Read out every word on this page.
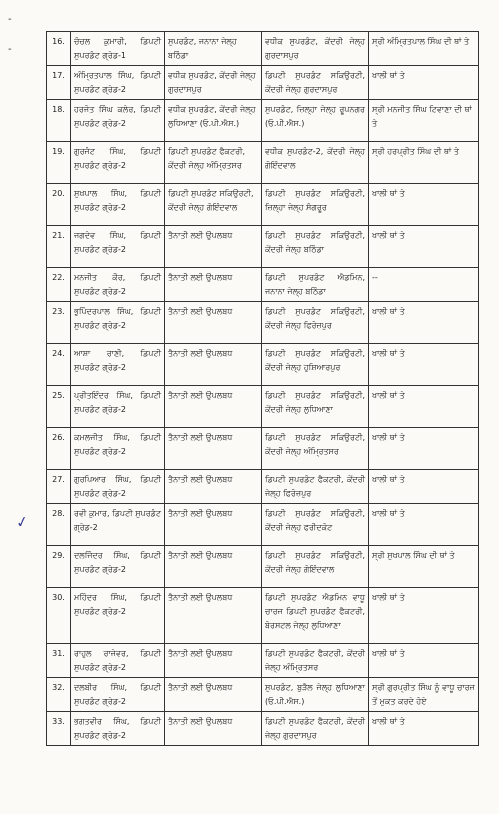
-
-
✓
16.	ਚੰਚਲ ਕੁਮਾਰੀ, ਡਿਪਟੀ ਸੁਪਰਡੰਟ ਗ੍ਰੇਡ-1	ਸੁਪਰਡੰਟ, ਜਨਾਨਾ ਜੇਲ੍ਹ ਬਠਿੰਡਾ	ਵਧੀਕ ਸੁਪਰਡੰਟ, ਕੇਂਦਰੀ ਜੇਲ੍ਹ ਗੁਰਦਾਸਪੁਰ	ਸ੍ਰੀ ਅੰਮ੍ਰਿਤਪਾਲ ਸਿੰਘ ਦੀ ਥਾਂ ਤੇ
17.	ਅੰਮ੍ਰਿਤਪਾਲ ਸਿੰਘ, ਡਿਪਟੀ ਸੁਪਰਡੰਟ ਗ੍ਰੇਡ-2	ਵਧੀਕ ਸੁਪਰਡੰਟ, ਕੇਂਦਰੀ ਜੇਲ੍ਹ ਗੁਰਦਾਸਪੁਰ	ਡਿਪਟੀ ਸੁਪਰਡੰਟ ਸਕਿਉਰਟੀ, ਕੇਂਦਰੀ ਜੇਲ੍ਹ ਗੁਰਦਾਸਪੁਰ	ਖਾਲੀ ਥਾਂ ਤੇ
18.	ਹਰਜੋਤ ਸਿੰਘ ਕਲੇਰ, ਡਿਪਟੀ ਸੁਪਰਡੰਟ ਗ੍ਰੇਡ-2	ਵਧੀਕ ਸੁਪਰਡੰਟ, ਕੇਂਦਰੀ ਜੇਲ੍ਹ ਲੁਧਿਆਣਾ (ਓ.ਪੀ.ਐਸ.)	ਸੁਪਰਡੰਟ, ਜ਼ਿਲ੍ਹਾ ਜੇਲ੍ਹ ਰੂਪਨਗਰ (ਓ.ਪੀ.ਐਸ.)	ਸ੍ਰੀ ਮਨਜੀਤ ਸਿੰਘ ਟਿਵਾਣਾ ਦੀ ਥਾਂ ਤੇ
19.	ਗੁਰਜੰਟ ਸਿੰਘ, ਡਿਪਟੀ ਸੁਪਰਡੰਟ ਗ੍ਰੇਡ-2	ਡਿਪਟੀ ਸੁਪਰਡੰਟ ਫੈਕਟਰੀ, ਕੇਂਦਰੀ ਜੇਲ੍ਹ ਅੰਮ੍ਰਿਤਸਰ	ਵਧੀਕ ਸੁਪਰਡੰਟ-2, ਕੇਂਦਰੀ ਜੇਲ੍ਹ ਗੋਇੰਦਵਾਲ	ਸ੍ਰੀ ਹਰਪ੍ਰੀਤ ਸਿੰਘ ਦੀ ਥਾਂ ਤੇ
20.	ਸੁਖਪਾਲ ਸਿੰਘ, ਡਿਪਟੀ ਸੁਪਰਡੰਟ ਗ੍ਰੇਡ-2	ਡਿਪਟੀ ਸੁਪਰਡੰਟ ਸਕਿਉਰਟੀ, ਕੇਂਦਰੀ ਜੇਲ੍ਹ ਗੋਇੰਦਵਾਲ	ਡਿਪਟੀ ਸੁਪਰਡੰਟ ਸਕਿਉਰਟੀ, ਜ਼ਿਲ੍ਹਾ ਜੇਲ੍ਹ ਸੰਗਰੂਰ	ਖਾਲੀ ਥਾਂ ਤੇ
21.	ਜਗਦੇਵ ਸਿੰਘ, ਡਿਪਟੀ ਸੁਪਰਡੰਟ ਗ੍ਰੇਡ-2	ਤੈਨਾਤੀ ਲਈ ਉਪਲਬਧ	ਡਿਪਟੀ ਸੁਪਰਡੰਟ ਸਕਿਉਰਟੀ, ਕੇਂਦਰੀ ਜੇਲ੍ਹ ਬਠਿੰਡਾ	ਖਾਲੀ ਥਾਂ ਤੇ
22.	ਮਨਜੀਤ ਕੌਰ, ਡਿਪਟੀ ਸੁਪਰਡੰਟ ਗ੍ਰੇਡ-2	ਤੈਨਾਤੀ ਲਈ ਉਪਲਬਧ	ਡਿਪਟੀ ਸੁਪਰਡੰਟ ਐਡਮਿਨ, ਜਨਾਨਾ ਜੇਲ੍ਹ ਬਠਿੰਡਾ	--
23.	ਭੁਪਿੰਦਰਪਾਲ ਸਿੰਘ, ਡਿਪਟੀ ਸੁਪਰਡੰਟ ਗ੍ਰੇਡ-2	ਤੈਨਾਤੀ ਲਈ ਉਪਲਬਧ	ਡਿਪਟੀ ਸੁਪਰਡੰਟ ਸਕਿਉਰਟੀ, ਕੇਂਦਰੀ ਜੇਲ੍ਹ ਫਿਰੋਜ਼ਪੁਰ	ਖਾਲੀ ਥਾਂ ਤੇ
24.	ਆਸ਼ਾ ਰਾਣੀ, ਡਿਪਟੀ ਸੁਪਰਡੰਟ ਗ੍ਰੇਡ-2	ਤੈਨਾਤੀ ਲਈ ਉਪਲਬਧ	ਡਿਪਟੀ ਸੁਪਰਡੰਟ ਸਕਿਉਰਟੀ, ਕੇਂਦਰੀ ਜੇਲ੍ਹ ਹੁਸ਼ਿਆਰਪੁਰ	ਖਾਲੀ ਥਾਂ ਤੇ
25.	ਪ੍ਰੀਤਇੰਦਰ ਸਿੰਘ, ਡਿਪਟੀ ਸੁਪਰਡੰਟ ਗ੍ਰੇਡ-2	ਤੈਨਾਤੀ ਲਈ ਉਪਲਬਧ	ਡਿਪਟੀ ਸੁਪਰਡੰਟ ਸਕਿਉਰਟੀ, ਕੇਂਦਰੀ ਜੇਲ੍ਹ ਲੁਧਿਆਣਾ	ਖਾਲੀ ਥਾਂ ਤੇ
26.	ਕਮਲਜੀਤ ਸਿੰਘ, ਡਿਪਟੀ ਸੁਪਰਡੰਟ ਗ੍ਰੇਡ-2	ਤੈਨਾਤੀ ਲਈ ਉਪਲਬਧ	ਡਿਪਟੀ ਸੁਪਰਡੰਟ ਸਕਿਉਰਟੀ, ਕੇਂਦਰੀ ਜੇਲ੍ਹ ਅੰਮ੍ਰਿਤਸਰ	ਖਾਲੀ ਥਾਂ ਤੇ
27.	ਗੁਰਪਿਆਰ ਸਿੰਘ, ਡਿਪਟੀ ਸੁਪਰਡੰਟ ਗ੍ਰੇਡ-2	ਤੈਨਾਤੀ ਲਈ ਉਪਲਬਧ	ਡਿਪਟੀ ਸੁਪਰਡੰਟ ਫੈਕਟਰੀ, ਕੇਂਦਰੀ ਜੇਲ੍ਹ ਫਿਰੋਜ਼ਪੁਰ	ਖਾਲੀ ਥਾਂ ਤੇ
28.	ਰਵੀ ਕੁਮਾਰ, ਡਿਪਟੀ ਸੁਪਰਡੰਟ ਗ੍ਰੇਡ-2	ਤੈਨਾਤੀ ਲਈ ਉਪਲਬਧ	ਡਿਪਟੀ ਸੁਪਰਡੰਟ ਸਕਿਉਰਟੀ, ਕੇਂਦਰੀ ਜੇਲ੍ਹ ਫਰੀਦਕੋਟ	ਖਾਲੀ ਥਾਂ ਤੇ
29.	ਦਲਜਿੰਦਰ ਸਿੰਘ, ਡਿਪਟੀ ਸੁਪਰਡੰਟ ਗ੍ਰੇਡ-2	ਤੈਨਾਤੀ ਲਈ ਉਪਲਬਧ	ਡਿਪਟੀ ਸੁਪਰਡੰਟ ਸਕਿਉਰਟੀ, ਕੇਂਦਰੀ ਜੇਲ੍ਹ ਗੋਇੰਦਵਾਲ	ਸ੍ਰੀ ਸੁਖਪਾਲ ਸਿੰਘ ਦੀ ਥਾਂ ਤੇ
30.	ਮਹਿੰਦਰ ਸਿੰਘ, ਡਿਪਟੀ ਸੁਪਰਡੰਟ ਗ੍ਰੇਡ-2	ਤੈਨਾਤੀ ਲਈ ਉਪਲਬਧ	ਡਿਪਟੀ ਸੁਪਰਡੰਟ ਐਡਮਿਨ ਵਾਧੂ ਚਾਰਜ ਡਿਪਟੀ ਸੁਪਰਡੰਟ ਫੈਕਟਰੀ, ਬੋਰਸਟਲ ਜੇਲ੍ਹ ਲੁਧਿਆਣਾ	ਖਾਲੀ ਥਾਂ ਤੇ
31.	ਰਾਹੁਲ ਰਾਜੇਵਰ, ਡਿਪਟੀ ਸੁਪਰਡੰਟ ਗ੍ਰੇਡ-2	ਤੈਨਾਤੀ ਲਈ ਉਪਲਬਧ	ਡਿਪਟੀ ਸੁਪਰਡੰਟ ਫੈਕਟਰੀ, ਕੇਂਦਰੀ ਜੇਲ੍ਹ ਅੰਮ੍ਰਿਤਸਰ	ਖਾਲੀ ਥਾਂ ਤੇ
32.	ਦਲਬੀਰ ਸਿੰਘ, ਡਿਪਟੀ ਸੁਪਰਡੰਟ ਗ੍ਰੇਡ-2	ਤੈਨਾਤੀ ਲਈ ਉਪਲਬਧ	ਸੁਪਰਡੰਟ, ਬੁੜੈਲ ਜੇਲ੍ਹ ਲੁਧਿਆਣਾ (ਓ.ਪੀ.ਐਸ.)	ਸ੍ਰੀ ਗੁਰਪ੍ਰੀਤ ਸਿੰਘ ਨੂੰ ਵਾਧੂ ਚਾਰਜ ਤੋਂ ਮੁਕਤ ਕਰਦੇ ਹੋਏ
33.	ਭਗਤਵੀਰ ਸਿੰਘ, ਡਿਪਟੀ ਸੁਪਰਡੰਟ ਗ੍ਰੇਡ-2	ਤੈਨਾਤੀ ਲਈ ਉਪਲਬਧ	ਡਿਪਟੀ ਸੁਪਰਡੰਟ ਫੈਕਟਰੀ, ਕੇਂਦਰੀ ਜੇਲ੍ਹ ਗੁਰਦਾਸਪੁਰ	ਖਾਲੀ ਥਾਂ ਤੇ
